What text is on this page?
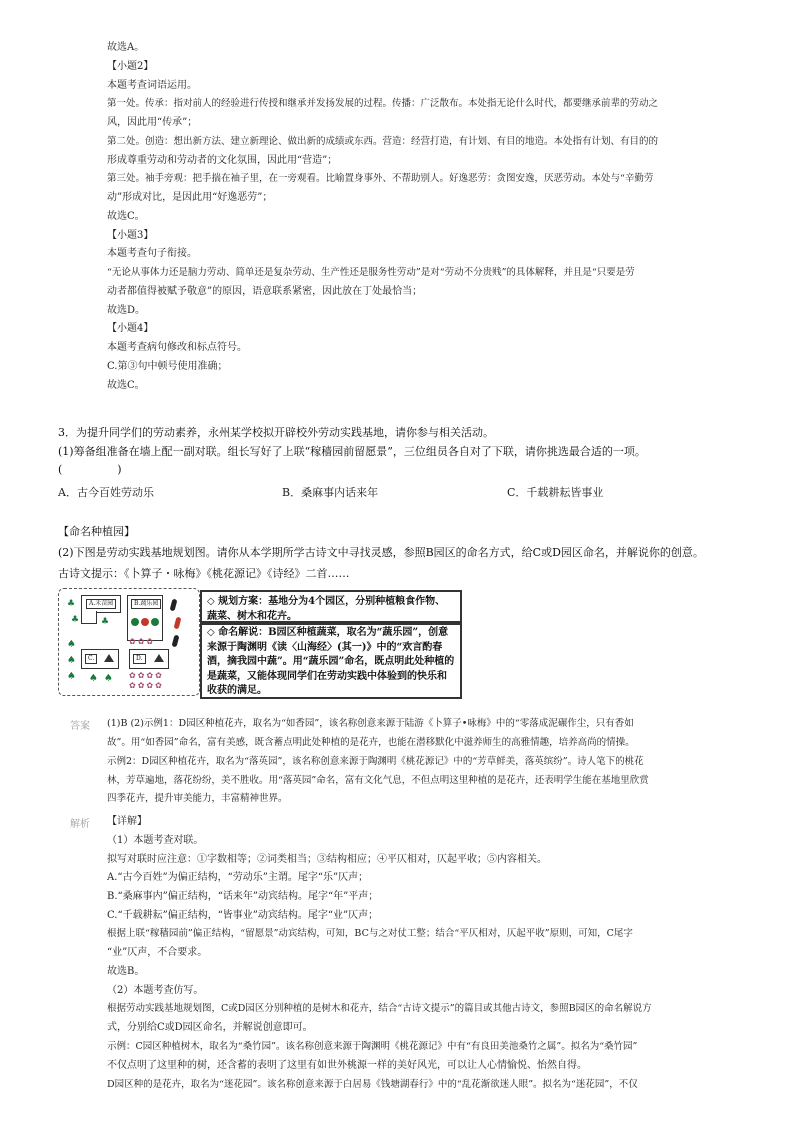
故选A。
【小题2】
本题考查词语运用。
第一处。传承：指对前人的经验进行传授和继承并发扬发展的过程。传播：广泛散布。本处指无论什么时代，都要继承前辈的劳动之
风，因此用“传承”；
第二处。创造：想出新方法、建立新理论、做出新的成绩或东西。营造：经营打造，有计划、有目的地造。本处指有计划、有目的的
形成尊重劳动和劳动者的文化氛围，因此用“营造”；
第三处。袖手旁观：把手揣在袖子里，在一旁观看。比喻置身事外、不帮助别人。好逸恶劳：贪图安逸，厌恶劳动。本处与“辛勤劳
动”形成对比，是因此用“好逸恶劳”；
故选C。
【小题3】
本题考查句子衔接。
“无论从事体力还是脑力劳动、简单还是复杂劳动、生产性还是服务性劳动”是对“劳动不分贵贱”的具体解释，并且是“只要是劳
动者都值得被赋予敬意”的原因，语意联系紧密，因此放在丁处最恰当；
故选D。
【小题4】
本题考查病句修改和标点符号。
C.第③句中顿号使用准确；
故选C。
3．为提升同学们的劳动素养，永州某学校拟开辟校外劳动实践基地，请你参与相关活动。
(1)筹备组准备在墙上配一副对联。组长写好了上联“稼穑园前留愿景”，三位组员各自对了下联，请你挑选最合适的一项。
(　　　　　)
A．古今百姓劳动乐	B．桑麻事内话来年	C．千载耕耘皆事业
【命名种植园】
(2)下图是劳动实践基地规划图。请你从本学期所学古诗文中寻找灵感，参照B园区的命名方式，给C或D园区命名，并解说你的创意。
古诗文提示：《卜算子・咏梅》《桃花源记》《诗经》二首……
A.禾苗园	B.蔬乐园
♣
♣ ♣
♠
♠
♠ ♠ ♠
C.	D.
✿✿✿✿
✿✿✿✿
✿✿✿
◇ 规划方案：基地分为4个园区，分别种植粮食作物、蔬菜、树木和花卉。
◇ 命名解说：B园区种植蔬菜，取名为“蔬乐园”，创意来源于陶渊明《读〈山海经〉(其一)》中的“欢言酌春酒，摘我园中蔬”。用“蔬乐园”命名，既点明此处种植的是蔬菜，又能体现同学们在劳动实践中体验到的快乐和收获的满足。
答案 (1)B (2)示例1：D园区种植花卉，取名为“如香园”，该名称创意来源于陆游《卜算子•咏梅》中的“零落成泥碾作尘，只有香如
故”。用“如香园”命名，富有美感，既含蓄点明此处种植的是花卉，也能在潜移默化中滋养师生的高雅情趣，培养高尚的情操。
示例2：D园区种植花卉，取名为“落英园”，该名称创意来源于陶渊明《桃花源记》中的“芳草鲜美，落英缤纷”。诗人笔下的桃花
林，芳草遍地，落花纷纷，美不胜收。用“落英园”命名，富有文化气息，不但点明这里种植的是花卉，还表明学生能在基地里欣赏
四季花卉，提升审美能力，丰富精神世界。
解析 【详解】
（1）本题考查对联。
拟写对联时应注意：①字数相等；②词类相当；③结构相应；④平仄相对，仄起平收；⑤内容相关。
A.“古今百姓”为偏正结构，“劳动乐”主谓。尾字“乐”仄声；
B.“桑麻事内”偏正结构，“话来年”动宾结构。尾字“年”平声；
C.“千载耕耘”偏正结构，“皆事业”动宾结构。尾字“业”仄声；
根据上联“稼穑园前”偏正结构，“留愿景”动宾结构，可知，BC与之对仗工整；结合“平仄相对，仄起平收”原则，可知，C尾字
“业”仄声，不合要求。
故选B。
（2）本题考查仿写。
根据劳动实践基地规划图，C或D园区分别种植的是树木和花卉，结合“古诗文提示”的篇目或其他古诗文，参照B园区的命名解说方
式，分别给C或D园区命名，并解说创意即可。
示例：C园区种植树木，取名为“桑竹园”。该名称创意来源于陶渊明《桃花源记》中有“有良田美池桑竹之属”。拟名为“桑竹园”
不仅点明了这里种的树，还含蓄的表明了这里有如世外桃源一样的美好风光，可以让人心情愉悦、怡然自得。
D园区种的是花卉，取名为“迷花园”。该名称创意来源于白居易《钱塘湖春行》中的“乱花渐欲迷人眼”。拟名为“迷花园”，不仅
